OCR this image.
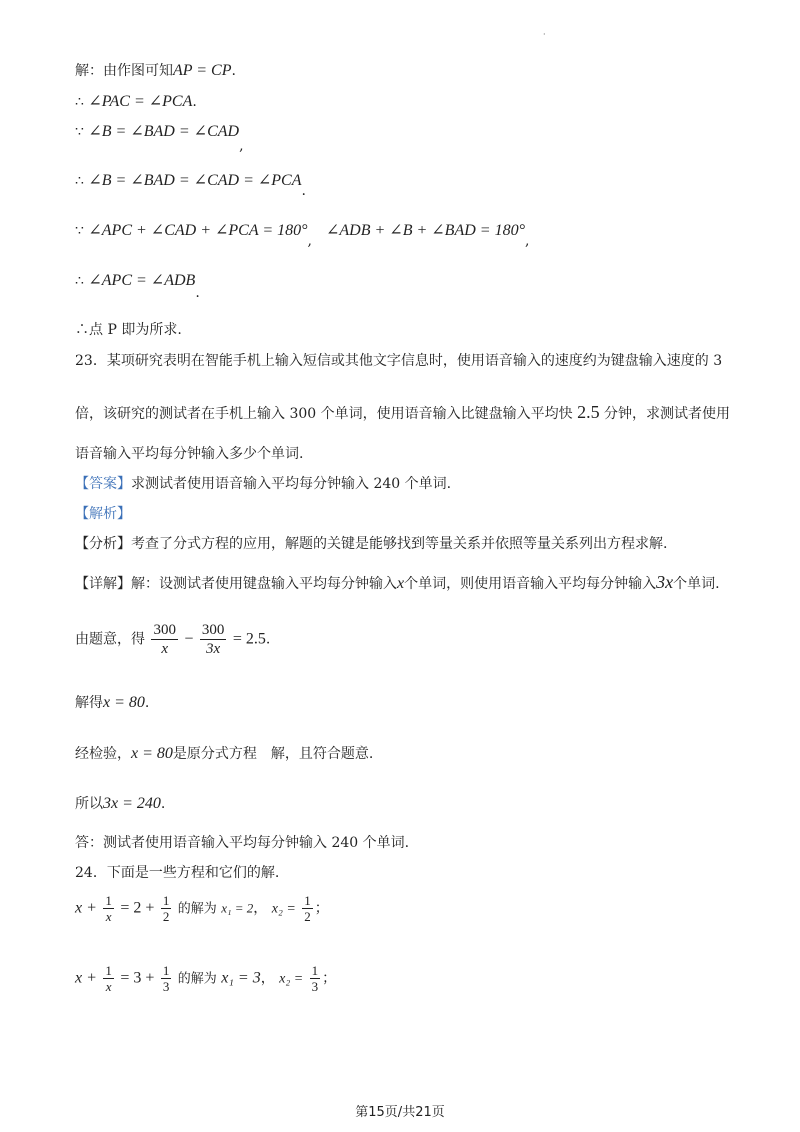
·
解：由作图可知AP = CP.
∴ ∠PAC = ∠PCA.
∵ ∠B = ∠BAD = ∠CAD,
∴ ∠B = ∠BAD = ∠CAD = ∠PCA.
∵ ∠APC + ∠CAD + ∠PCA = 180°,∠ADB + ∠B + ∠BAD = 180°,
∴ ∠APC = ∠ADB.
∴点 P 即为所求.
23．某项研究表明在智能手机上输入短信或其他文字信息时，使用语音输入的速度约为键盘输入速度的 3
倍，该研究的测试者在手机上输入 300 个单词，使用语音输入比键盘输入平均快 2.5 分钟，求测试者使用
语音输入平均每分钟输入多少个单词.
【答案】求测试者使用语音输入平均每分钟输入 240 个单词.
【解析】
【分析】考查了分式方程的应用，解题的关键是能够找到等量关系并依照等量关系列出方程求解.
【详解】解：设测试者使用键盘输入平均每分钟输入x个单词，则使用语音输入平均每分钟输入3x个单词.
由题意，得 $\frac{300}{x} - \frac{300}{3x} = 2.5$.
解得x = 80.
经检验，x = 80是原分式方程　解，且符合题意.
所以3x = 240.
答：测试者使用语音输入平均每分钟输入 240 个单词.
24．下面是一些方程和它们的解.
$x + \frac{1}{x} = 2 + \frac{1}{2}$ 的解为 x₁ = 2， $x_2 = \frac{1}{2}$ ；
$x + \frac{1}{x} = 3 + \frac{1}{3}$ 的解为 x₁ = 3， $x_2 = \frac{1}{3}$ ；
第15页/共21页
